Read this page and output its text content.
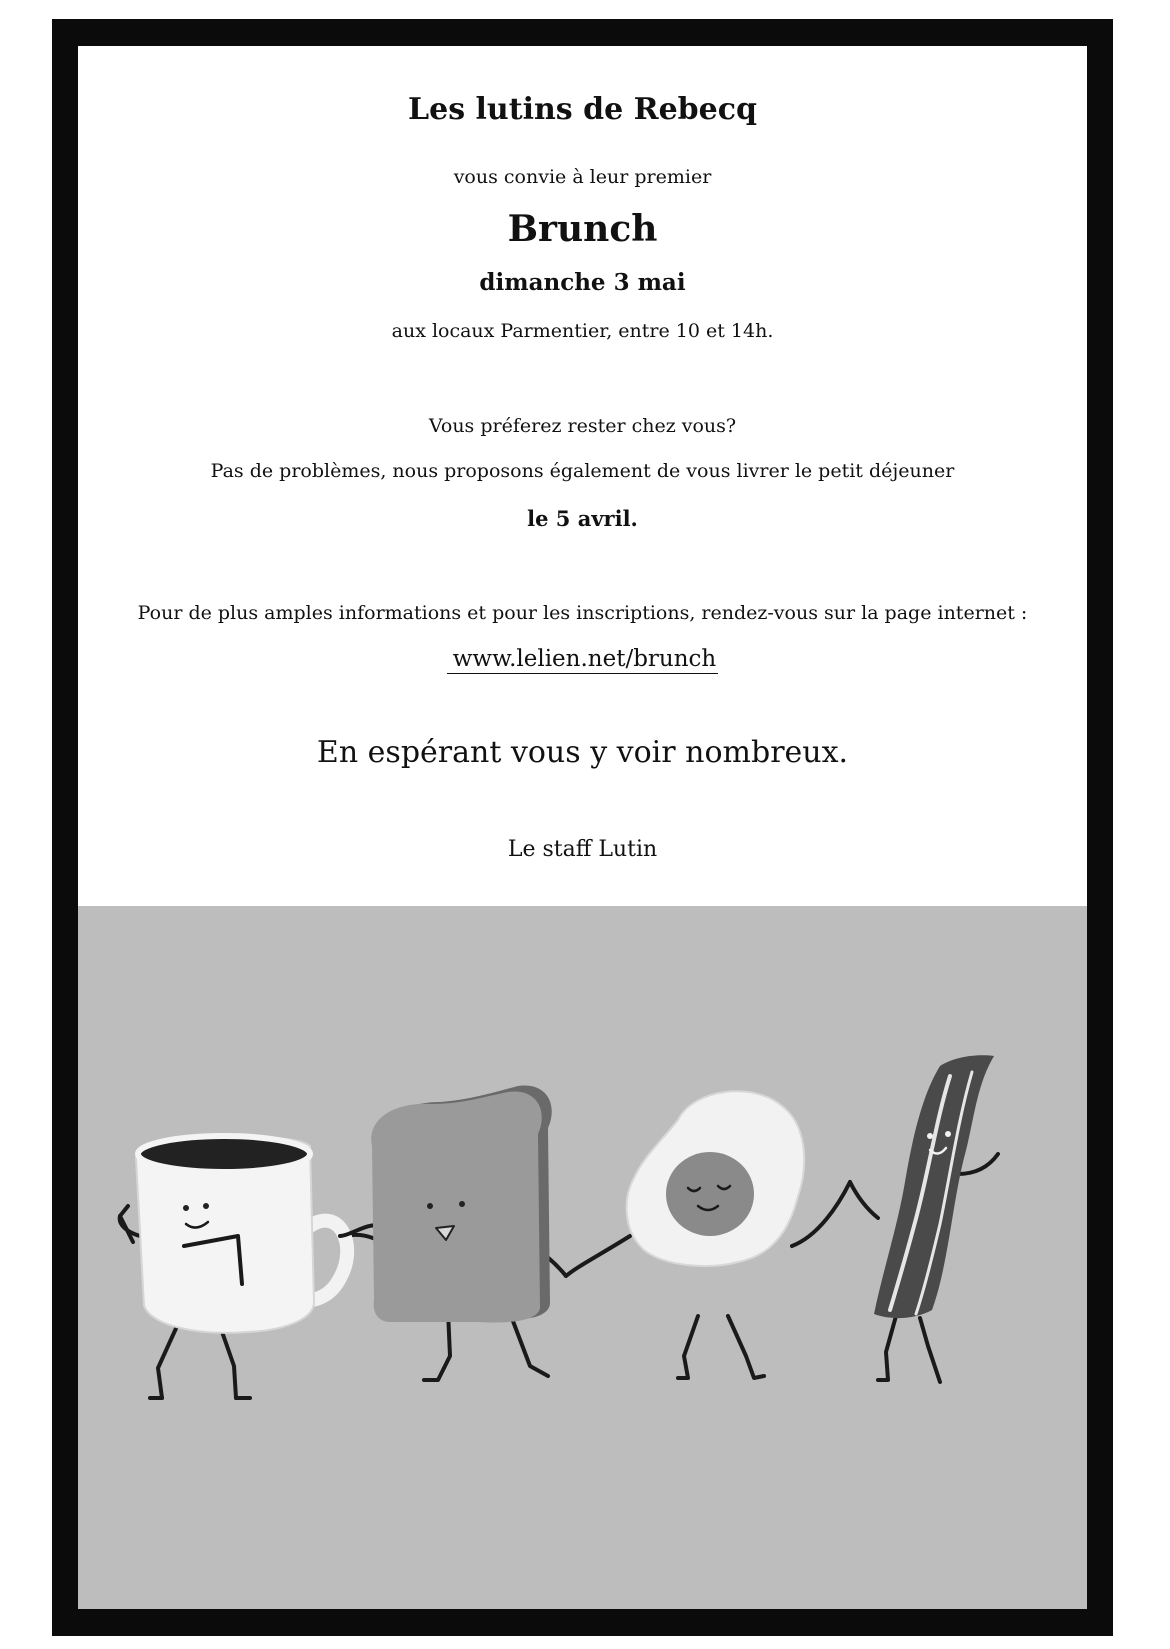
Les lutins de Rebecq

vous convie à leur premier

Brunch

dimanche 3 mai

aux locaux Parmentier, entre 10 et 14h.

Vous préferez rester chez vous?

Pas de problèmes, nous proposons également de vous livrer le petit déjeuner

le 5 avril.

Pour de plus amples informations et pour les inscriptions, rendez-vous sur la page internet :

www.lelien.net/brunch

En espérant vous y voir nombreux.

Le staff Lutin
